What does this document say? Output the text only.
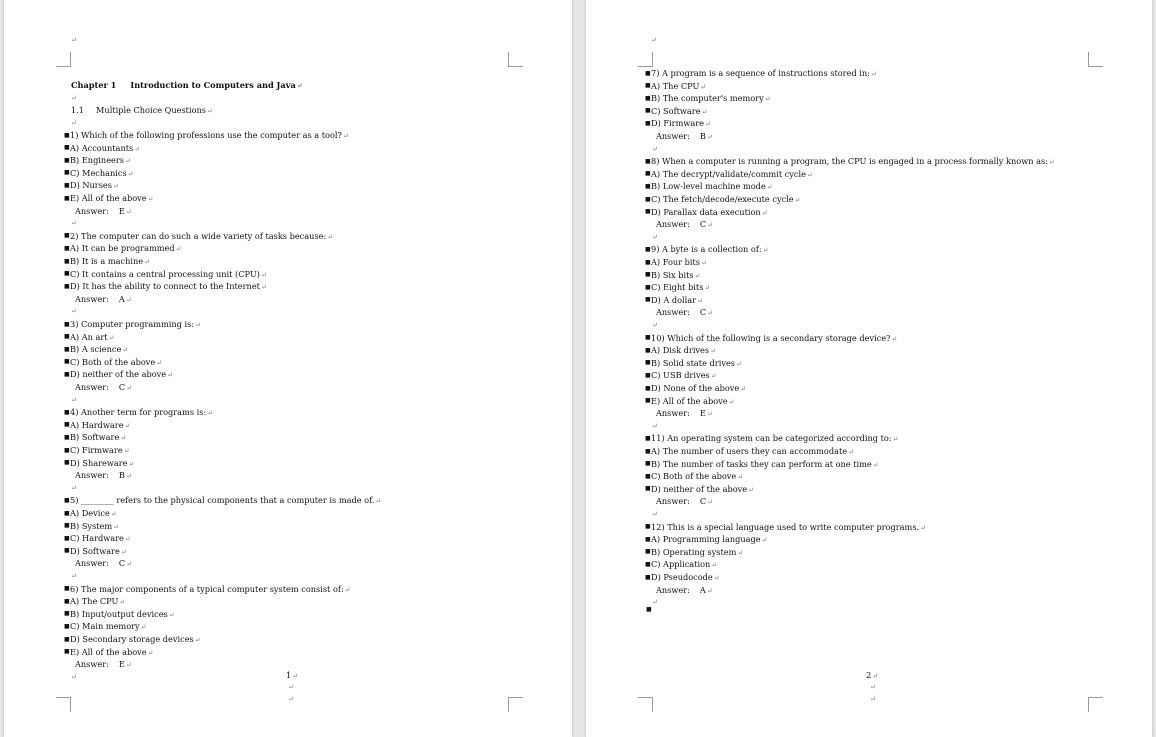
↵
Chapter 1 Introduction to Computers and Java↵
↵
1.1 Multiple Choice Questions↵
↵
■ 1) Which of the following professions use the computer as a tool?↵
■ A) Accountants↵
■ B) Engineers↵
■ C) Mechanics↵
■ D) Nurses↵
■ E) All of the above↵
Answer: E↵
↵
■ 2) The computer can do such a wide variety of tasks because:↵
■ A) It can be programmed↵
■ B) It is a machine↵
■ C) It contains a central processing unit (CPU)↵
■ D) It has the ability to connect to the Internet↵
Answer: A↵
↵
■ 3) Computer programming is:↵
■ A) An art↵
■ B) A science↵
■ C) Both of the above↵
■ D) neither of the above↵
Answer: C↵
↵
■ 4) Another term for programs is:↵
■ A) Hardware↵
■ B) Software↵
■ C) Firmware↵
■ D) Shareware↵
Answer: B↵
↵
■ 5) ________ refers to the physical components that a computer is made of.↵
■ A) Device↵
■ B) System↵
■ C) Hardware↵
■ D) Software↵
Answer: C↵
↵
■ 6) The major components of a typical computer system consist of:↵
■ A) The CPU↵
■ B) Input/output devices↵
■ C) Main memory↵
■ D) Secondary storage devices↵
■ E) All of the above↵
Answer: E↵
↵	1↵
↵
↵
↵
■ 7) A program is a sequence of instructions stored in:↵
■ A) The CPU↵
■ B) The computer's memory↵
■ C) Software↵
■ D) Firmware↵
Answer: B↵
↵
■ 8) When a computer is running a program, the CPU is engaged in a process formally known as:↵
■ A) The decrypt/validate/commit cycle↵
■ B) Low-level machine mode↵
■ C) The fetch/decode/execute cycle↵
■ D) Parallax data execution↵
Answer: C↵
↵
■ 9) A byte is a collection of:↵
■ A) Four bits↵
■ B) Six bits↵
■ C) Eight bits↵
■ D) A dollar↵
Answer: C↵
↵
■ 10) Which of the following is a secondary storage device?↵
■ A) Disk drives↵
■ B) Solid state drives↵
■ C) USB drives↵
■ D) None of the above↵
■ E) All of the above↵
Answer: E↵
↵
■ 11) An operating system can be categorized according to:↵
■ A) The number of users they can accommodate↵
■ B) The number of tasks they can perform at one time↵
■ C) Both of the above↵
■ D) neither of the above↵
Answer: C↵
↵
■ 12) This is a special language used to write computer programs.↵
■ A) Programming language↵
■ B) Operating system↵
■ C) Application↵
■ D) Pseudocode↵
Answer: A↵
↵
■
2↵
↵
↵
